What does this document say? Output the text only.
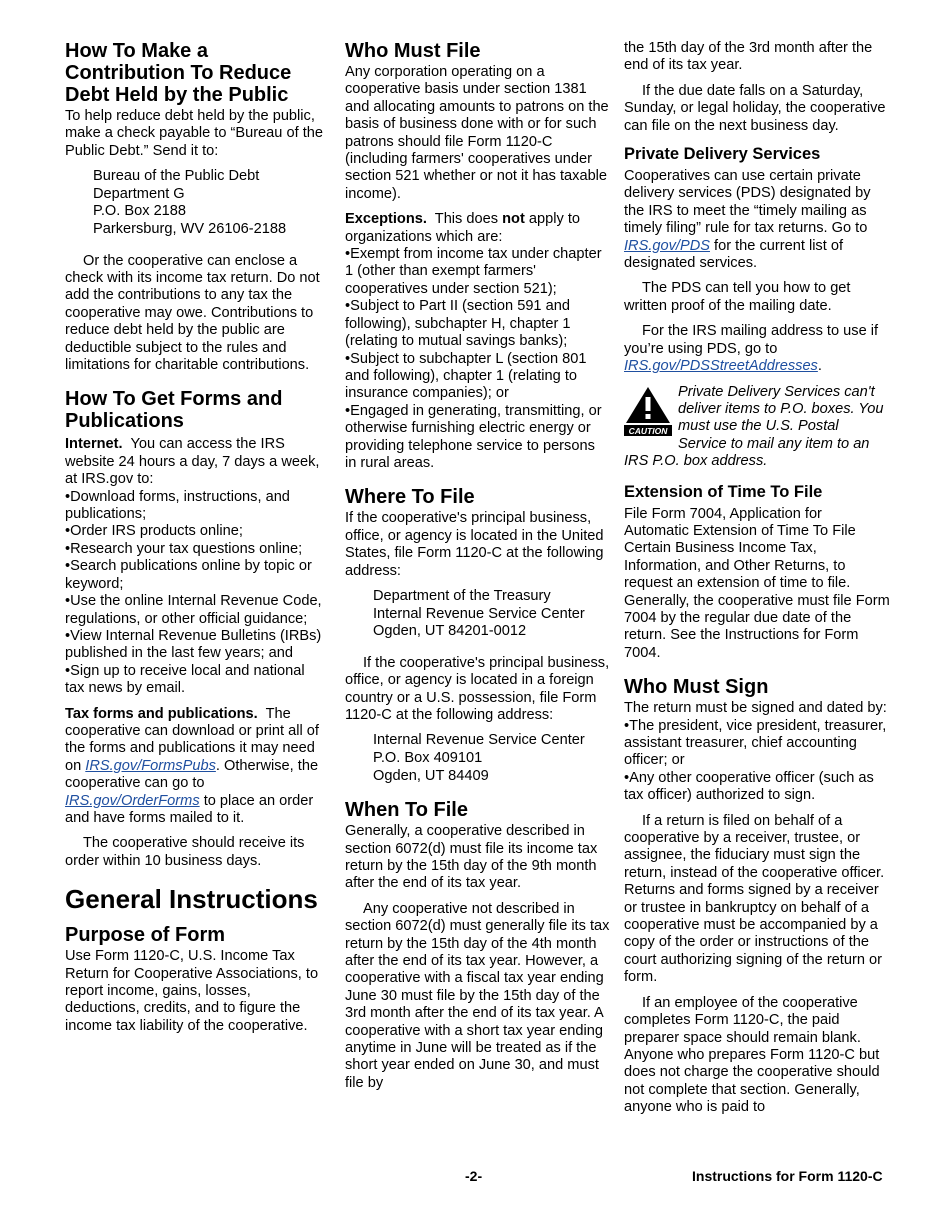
How To Make a Contribution To Reduce Debt Held by the Public

To help reduce debt held by the public, make a check payable to “Bureau of the Public Debt.” Send it to:

Bureau of the Public Debt
Department G
P.O. Box 2188
Parkersburg, WV 26106-2188

Or the cooperative can enclose a check with its income tax return. Do not add the contributions to any tax the cooperative may owe. Contributions to reduce debt held by the public are deductible subject to the rules and limitations for charitable contributions.

How To Get Forms and Publications

Internet. You can access the IRS website 24 hours a day, 7 days a week, at IRS.gov to:

• Download forms, instructions, and publications;
• Order IRS products online;
• Research your tax questions online;
• Search publications online by topic or keyword;
• Use the online Internal Revenue Code, regulations, or other official guidance;
• View Internal Revenue Bulletins (IRBs) published in the last few years; and
• Sign up to receive local and national tax news by email.

Tax forms and publications. The cooperative can download or print all of the forms and publications it may need on IRS.gov/FormsPubs. Otherwise, the cooperative can go to IRS.gov/OrderForms to place an order and have forms mailed to it.

The cooperative should receive its order within 10 business days.

General Instructions
Purpose of Form

Use Form 1120-C, U.S. Income Tax Return for Cooperative Associations, to report income, gains, losses, deductions, credits, and to figure the income tax liability of the cooperative.

Who Must File

Any corporation operating on a cooperative basis under section 1381 and allocating amounts to patrons on the basis of business done with or for such patrons should file Form 1120-C (including farmers' cooperatives under section 521 whether or not it has taxable income).

Exceptions. This does not apply to organizations which are:

• Exempt from income tax under chapter 1 (other than exempt farmers' cooperatives under section 521);
• Subject to Part II (section 591 and following), subchapter H, chapter 1 (relating to mutual savings banks);
• Subject to subchapter L (section 801 and following), chapter 1 (relating to insurance companies); or
• Engaged in generating, transmitting, or otherwise furnishing electric energy or providing telephone service to persons in rural areas.
Where To File

If the cooperative's principal business, office, or agency is located in the United States, file Form 1120-C at the following address:

Department of the Treasury
Internal Revenue Service Center
Ogden, UT 84201-0012

If the cooperative's principal business, office, or agency is located in a foreign country or a U.S. possession, file Form 1120-C at the following address:

Internal Revenue Service Center
P.O. Box 409101
Ogden, UT 84409
When To File

Generally, a cooperative described in section 6072(d) must file its income tax return by the 15th day of the 9th month after the end of its tax year.

Any cooperative not described in section 6072(d) must generally file its tax return by the 15th day of the 4th month after the end of its tax year. However, a cooperative with a fiscal tax year ending June 30 must file by the 15th day of the 3rd month after the end of its tax year. A cooperative with a short tax year ending anytime in June will be treated as if the short year ended on June 30, and must file by

the 15th day of the 3rd month after the end of its tax year.

If the due date falls on a Saturday, Sunday, or legal holiday, the cooperative can file on the next business day.

Private Delivery Services

Cooperatives can use certain private delivery services (PDS) designated by the IRS to meet the “timely mailing as timely filing” rule for tax returns. Go to IRS.gov/PDS for the current list of designated services.

The PDS can tell you how to get written proof of the mailing date.

For the IRS mailing address to use if you’re using PDS, go to IRS.gov/PDSStreetAddresses.

CAUTION
Private Delivery Services can't deliver items to P.O. boxes. You must use the U.S. Postal Service to mail any item to an IRS P.O. box address.
Extension of Time To File

File Form 7004, Application for Automatic Extension of Time To File Certain Business Income Tax, Information, and Other Returns, to request an extension of time to file. Generally, the cooperative must file Form 7004 by the regular due date of the return. See the Instructions for Form 7004.

Who Must Sign

The return must be signed and dated by:

• The president, vice president, treasurer, assistant treasurer, chief accounting officer; or
• Any other cooperative officer (such as tax officer) authorized to sign.

If a return is filed on behalf of a cooperative by a receiver, trustee, or assignee, the fiduciary must sign the return, instead of the cooperative officer. Returns and forms signed by a receiver or trustee in bankruptcy on behalf of a cooperative must be accompanied by a copy of the order or instructions of the court authorizing signing of the return or form.

If an employee of the cooperative completes Form 1120-C, the paid preparer space should remain blank. Anyone who prepares Form 1120-C but does not charge the cooperative should not complete that section. Generally, anyone who is paid to

-2-	Instructions for Form 1120-C
